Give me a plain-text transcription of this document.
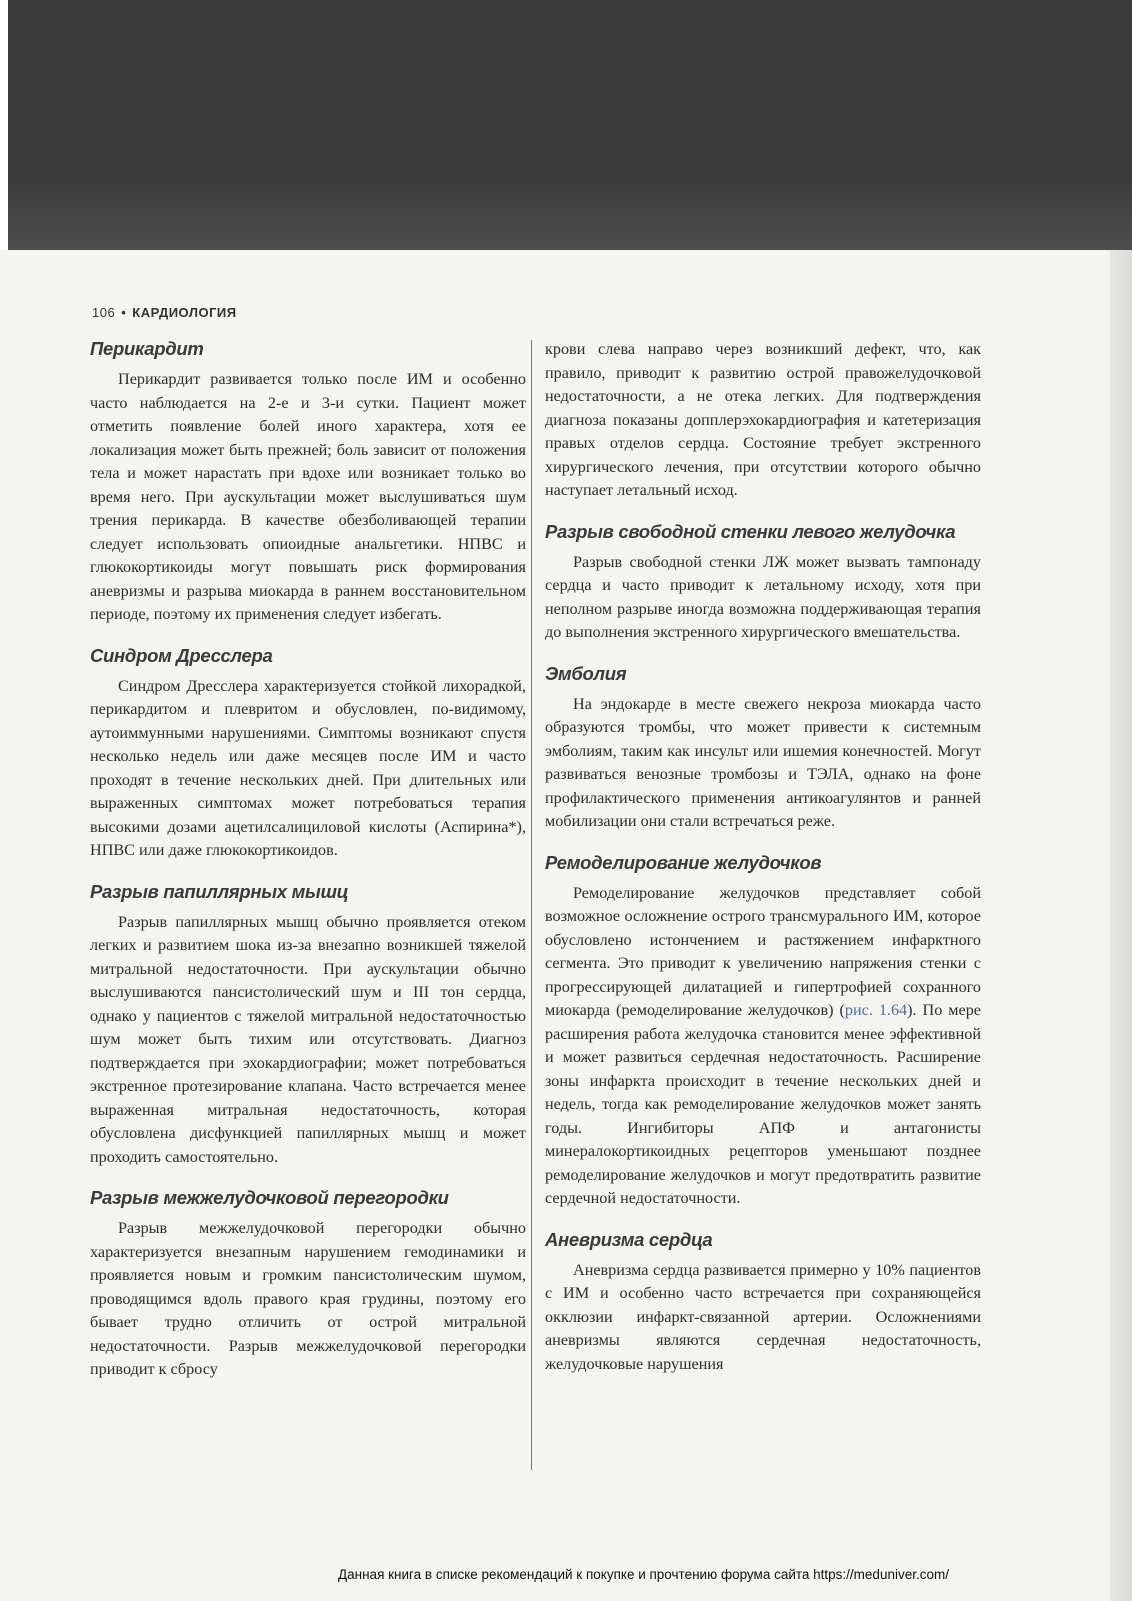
106 • КАРДИОЛОГИЯ
Перикардит

Перикардит развивается только после ИМ и особенно часто наблюдается на 2-е и 3-и сутки. Пациент может отметить появление болей иного характера, хотя ее локализация может быть прежней; боль зависит от положения тела и может нарастать при вдохе или возникает только во время него. При аускультации может выслушиваться шум трения перикарда. В качестве обезболивающей терапии следует использовать опиоидные анальгетики. НПВС и глюкокортикоиды могут повышать риск формирования аневризмы и разрыва миокарда в раннем восстановительном периоде, поэтому их применения следует избегать.

Синдром Дресслера

Синдром Дресслера характеризуется стойкой лихорадкой, перикардитом и плевритом и обусловлен, по-видимому, аутоиммунными нарушениями. Симптомы возникают спустя несколько недель или даже месяцев после ИМ и часто проходят в течение нескольких дней. При длительных или выраженных симптомах может потребоваться терапия высокими дозами ацетилсалициловой кислоты (Аспирина*), НПВС или даже глюкокортикоидов.

Разрыв папиллярных мышц

Разрыв папиллярных мышц обычно проявляется отеком легких и развитием шока из-за внезапно возникшей тяжелой митральной недостаточности. При аускультации обычно выслушиваются пансистолический шум и III тон сердца, однако у пациентов с тяжелой митральной недостаточностью шум может быть тихим или отсутствовать. Диагноз подтверждается при эхокардиографии; может потребоваться экстренное протезирование клапана. Часто встречается менее выраженная митральная недостаточность, которая обусловлена дисфункцией папиллярных мышц и может проходить самостоятельно.

Разрыв межжелудочковой перегородки

Разрыв межжелудочковой перегородки обычно характеризуется внезапным нарушением гемодинамики и проявляется новым и громким пансистолическим шумом, проводящимся вдоль правого края грудины, поэтому его бывает трудно отличить от острой митральной недостаточности. Разрыв межжелудочковой перегородки приводит к сбросу

крови слева направо через возникший дефект, что, как правило, приводит к развитию острой правожелудочковой недостаточности, а не отека легких. Для подтверждения диагноза показаны допплерэхокардиография и катетеризация правых отделов сердца. Состояние требует экстренного хирургического лечения, при отсутствии которого обычно наступает летальный исход.

Разрыв свободной стенки левого желудочка

Разрыв свободной стенки ЛЖ может вызвать тампонаду сердца и часто приводит к летальному исходу, хотя при неполном разрыве иногда возможна поддерживающая терапия до выполнения экстренного хирургического вмешательства.

Эмболия

На эндокарде в месте свежего некроза миокарда часто образуются тромбы, что может привести к системным эмболиям, таким как инсульт или ишемия конечностей. Могут развиваться венозные тромбозы и ТЭЛА, однако на фоне профилактического применения антикоагулянтов и ранней мобилизации они стали встречаться реже.

Ремоделирование желудочков

Ремоделирование желудочков представляет собой возможное осложнение острого трансмурального ИМ, которое обусловлено истончением и растяжением инфарктного сегмента. Это приводит к увеличению напряжения стенки с прогрессирующей дилатацией и гипертрофией сохранного миокарда (ремоделирование желудочков) (рис. 1.64). По мере расширения работа желудочка становится менее эффективной и может развиться сердечная недостаточность. Расширение зоны инфаркта происходит в течение нескольких дней и недель, тогда как ремоделирование желудочков может занять годы. Ингибиторы АПФ и антагонисты минералокортикоидных рецепторов уменьшают позднее ремоделирование желудочков и могут предотвратить развитие сердечной недостаточности.

Аневризма сердца

Аневризма сердца развивается примерно у 10% пациентов с ИМ и особенно часто встречается при сохраняющейся окклюзии инфаркт-связанной артерии. Осложнениями аневризмы являются сердечная недостаточность, желудочковые нарушения

Данная книга в списке рекомендаций к покупке и прочтению форума сайта https://meduniver.com/
